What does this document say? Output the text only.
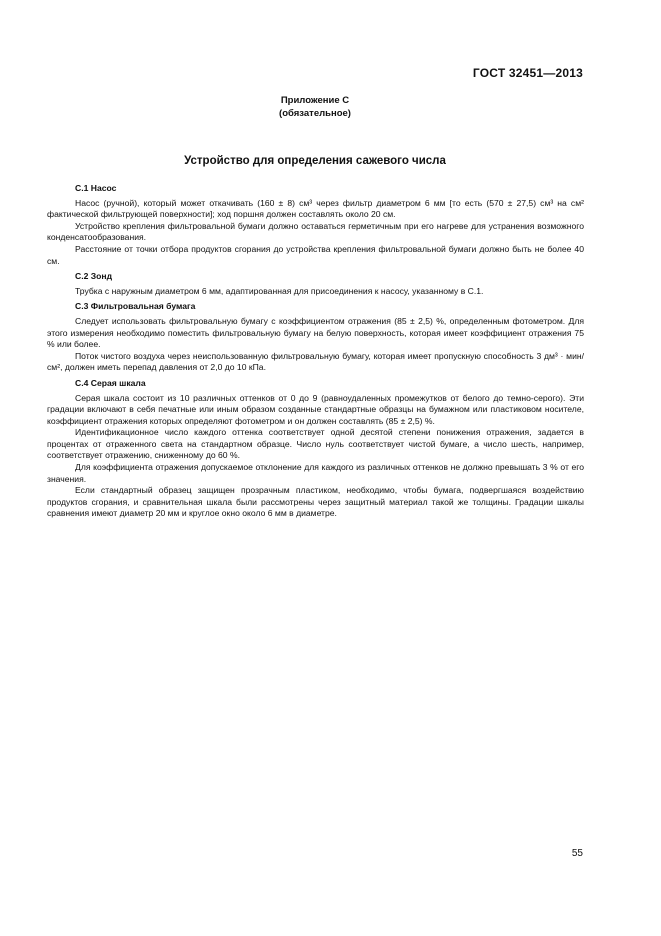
ГОСТ 32451—2013
Приложение С
(обязательное)
Устройство для определения сажевого числа
С.1 Насос

Насос (ручной), который может откачивать (160 ± 8) см³ через фильтр диаметром 6 мм [то есть (570 ± 27,5) см³ на см² фактической фильтрующей поверхности]; ход поршня должен составлять около 20 см.

Устройство крепления фильтровальной бумаги должно оставаться герметичным при его нагреве для устранения возможного конденсатообразования.

Расстояние от точки отбора продуктов сгорания до устройства крепления фильтровальной бумаги должно быть не более 40 см.

С.2 Зонд

Трубка с наружным диаметром 6 мм, адаптированная для присоединения к насосу, указанному в С.1.

С.3 Фильтровальная бумага

Следует использовать фильтровальную бумагу с коэффициентом отражения (85 ± 2,5) %, определенным фотометром. Для этого измерения необходимо поместить фильтровальную бумагу на белую поверхность, которая имеет коэффициент отражения 75 % или более.

Поток чистого воздуха через неиспользованную фильтровальную бумагу, которая имеет пропускную способность 3 дм³ · мин/см², должен иметь перепад давления от 2,0 до 10 кПа.

С.4 Серая шкала

Серая шкала состоит из 10 различных оттенков от 0 до 9 (равноудаленных промежутков от белого до темно-серого). Эти градации включают в себя печатные или иным образом созданные стандартные образцы на бумажном или пластиковом носителе, коэффициент отражения которых определяют фотометром и он должен составлять (85 ± 2,5) %.

Идентификационное число каждого оттенка соответствует одной десятой степени понижения отражения, задается в процентах от отраженного света на стандартном образце. Число нуль соответствует чистой бумаге, а число шесть, например, соответствует отражению, сниженному до 60 %.

Для коэффициента отражения допускаемое отклонение для каждого из различных оттенков не должно превышать 3 % от его значения.

Если стандартный образец защищен прозрачным пластиком, необходимо, чтобы бумага, подвергшаяся воздействию продуктов сгорания, и сравнительная шкала были рассмотрены через защитный материал такой же толщины. Градации шкалы сравнения имеют диаметр 20 мм и круглое окно около 6 мм в диаметре.

55
